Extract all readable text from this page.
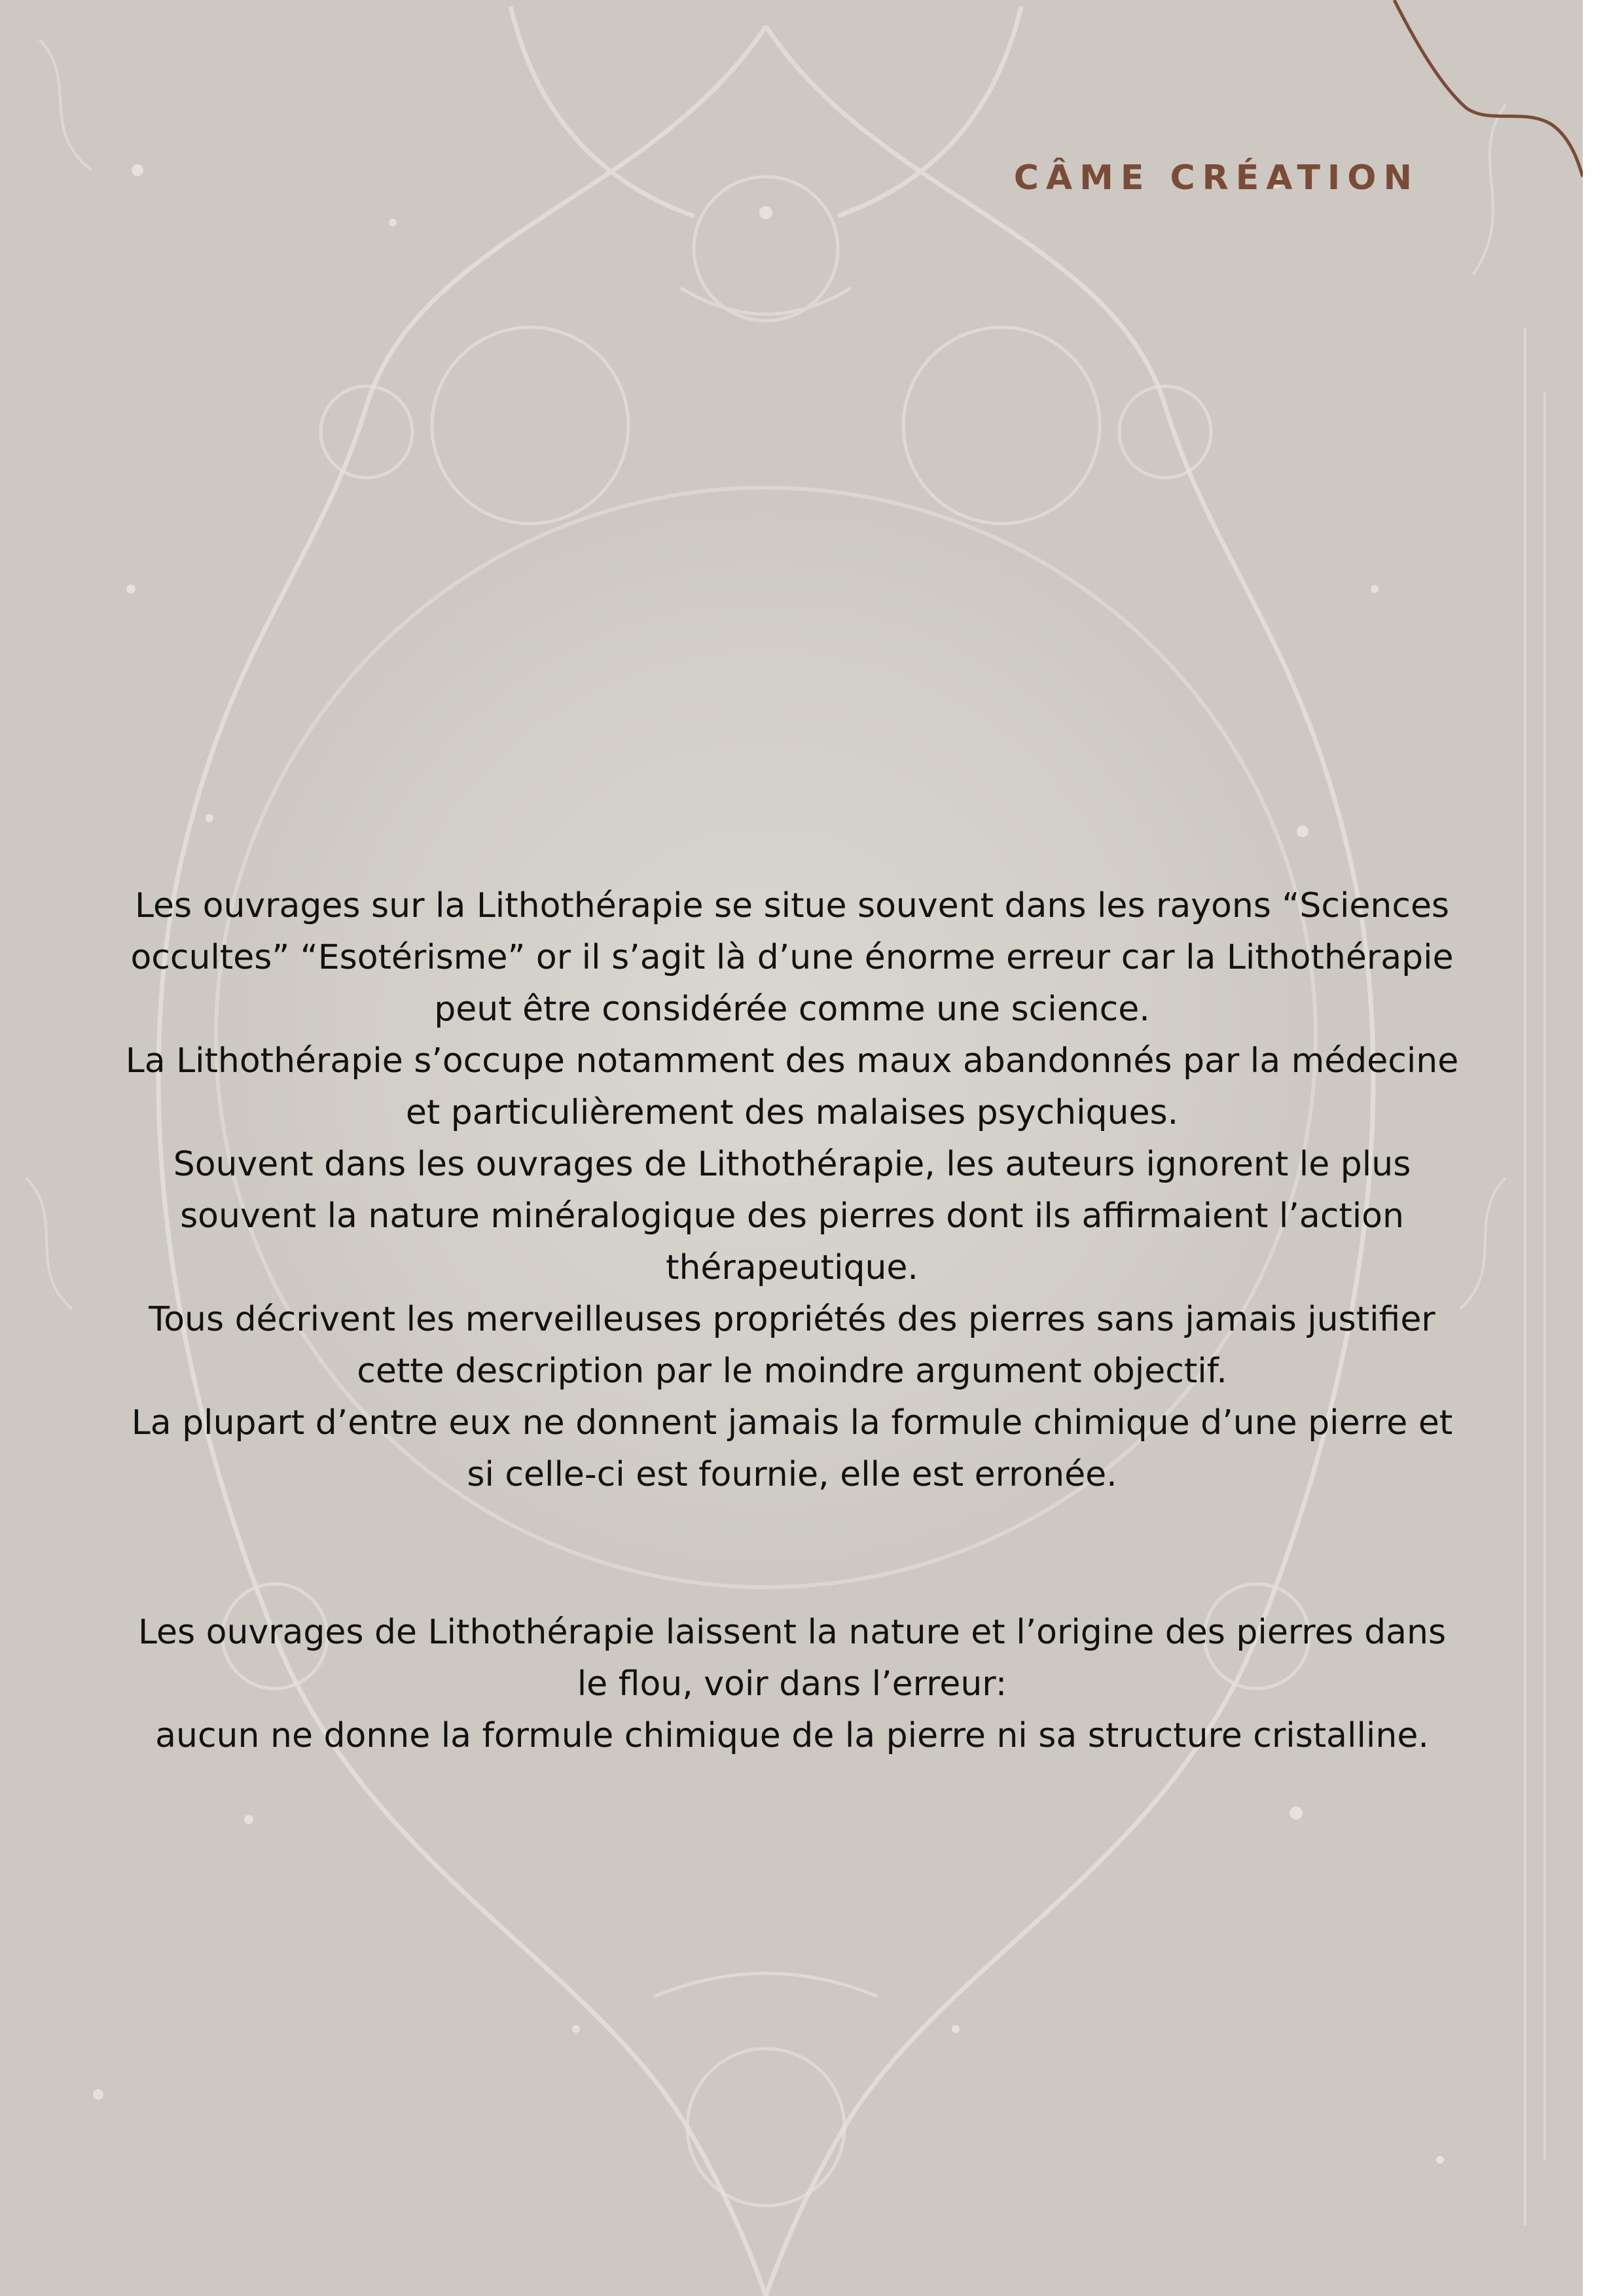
CÂME CRÉATION

Les ouvrages sur la Lithothérapie se situe souvent dans les rayons “Sciences occultes” “Esotérisme” or il s’agit là d’une énorme erreur car la Lithothérapie peut être considérée comme une science.

La Lithothérapie s’occupe notamment des maux abandonnés par la médecine et particulièrement des malaises psychiques.

Souvent dans les ouvrages de Lithothérapie, les auteurs ignorent le plus souvent la nature minéralogique des pierres dont ils affirmaient l’action thérapeutique.

Tous décrivent les merveilleuses propriétés des pierres sans jamais justifier cette description par le moindre argument objectif.

La plupart d’entre eux ne donnent jamais la formule chimique d’une pierre et si celle-ci est fournie, elle est erronée.

Les ouvrages de Lithothérapie laissent la nature et l’origine des pierres dans le flou, voir dans l’erreur:

aucun ne donne la formule chimique de la pierre ni sa structure cristalline.
